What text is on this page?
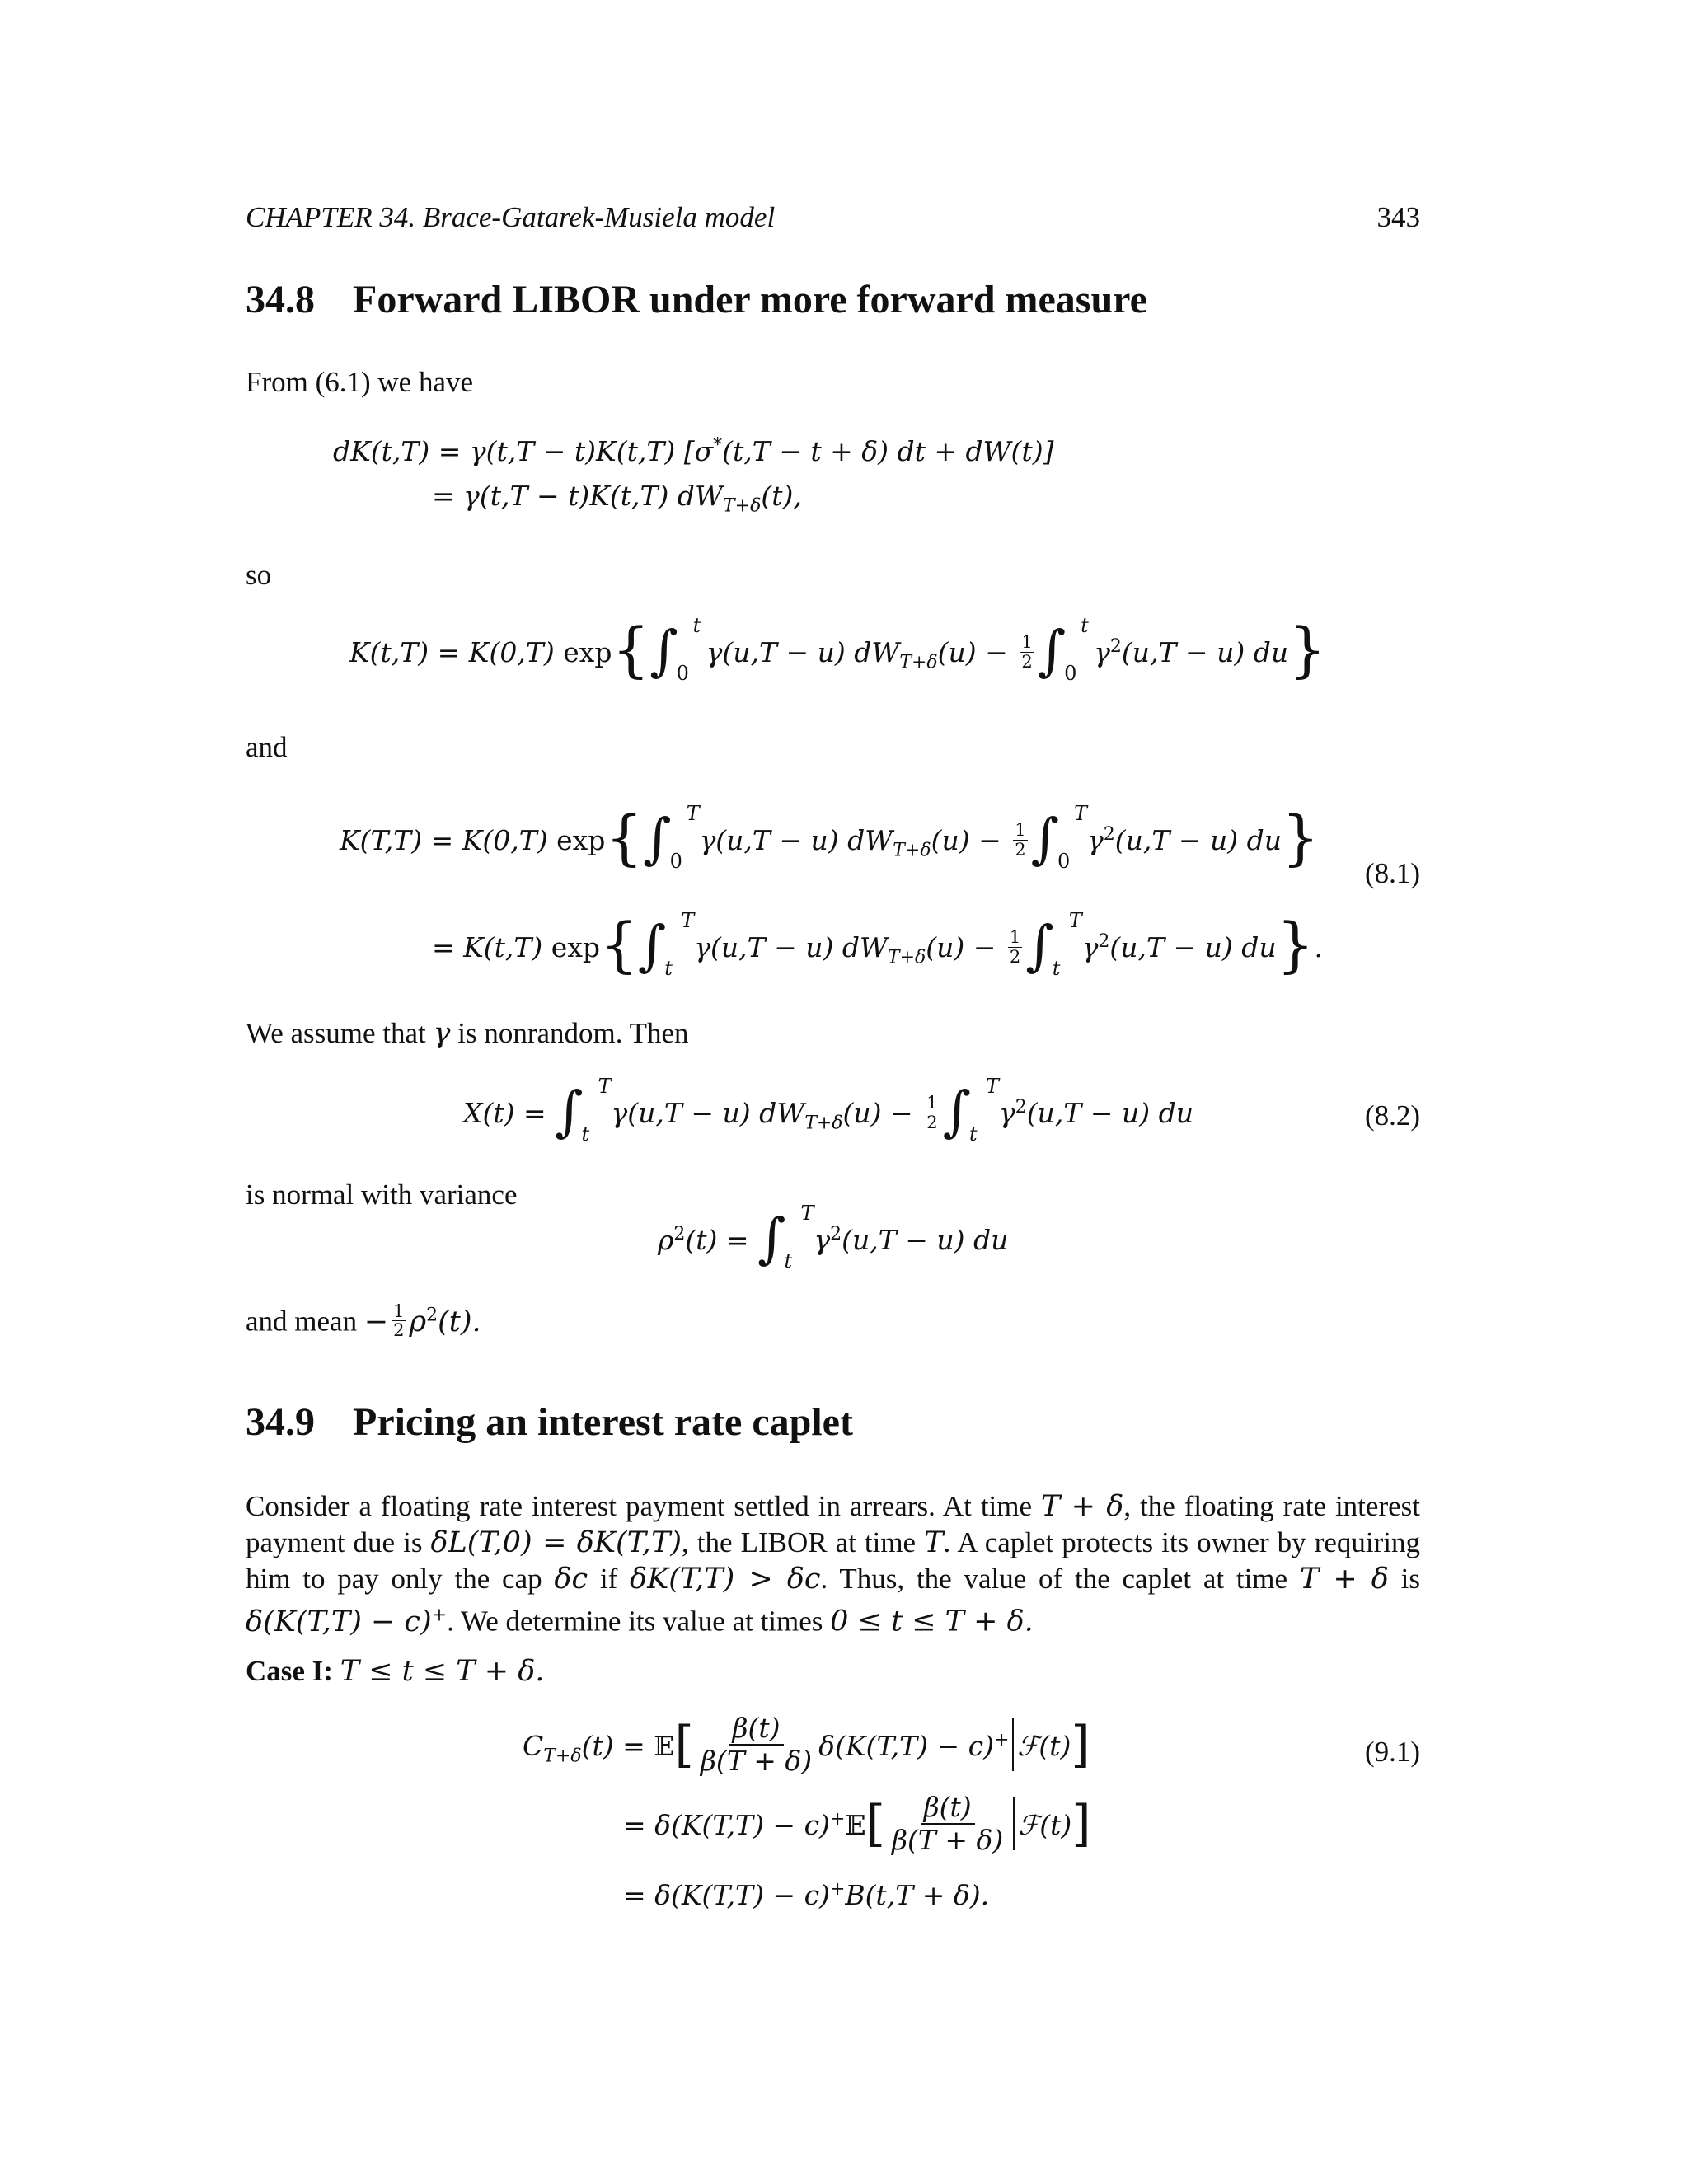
CHAPTER 34. Brace-Gatarek-Musiela model	343
34.8 Forward LIBOR under more forward measure
From (6.1) we have
dK(t,T) = γ(t,T − t)K(t,T) [σ*(t,T − t + δ) dt + dW(t)]
= γ(t,T − t)K(t,T) $dW_{T+\delta}(t)$,
so
K(t,T) = K(0,T) exp{∫ t
0
γ(u,T − u) $dW_{T+\delta}(u) - \frac{1}{2}$ ∫ t
0
$\gamma^2(u,T - u)$ du}
and
K(T,T) = K(0,T) exp{∫ T
0
γ(u,T − u) $dW_{T+\delta}(u) - \frac{1}{2}$ ∫ T
0
$\gamma^2(u,T - u)$ du}
(8.1)
= K(t,T) exp{∫ T
t
γ(u,T − u) $dW_{T+\delta}(u) - \frac{1}{2}$ ∫ T
t
$\gamma^2(u,T - u)$ du}.
We assume that γ is nonrandom. Then
X(t) = ∫ T
t
γ(u,T − u) $dW_{T+\delta}(u) - \frac{1}{2}$ ∫ T
t
$\gamma^2(u,T - u)$ du	(8.2)
is normal with variance
$\rho^2(t)$ = ∫ T
t
$\gamma^2(u,T - u)$ du
and mean − $\frac{1}{2} \rho^2(t)$.
34.9 Pricing an interest rate caplet
Consider a floating rate interest payment settled in arrears. At time T + δ, the floating rate interest payment due is δL(T,0) = δK(T,T), the LIBOR at time T. A caplet protects its owner by requiring him to pay only the cap δc if δK(T,T) > δc. Thus, the value of the caplet at time T + δ is δ(K(T,T) − c)+. We determine its value at times 0 ≤ t ≤ T + δ.
Case I: T ≤ t ≤ T + δ.
$C_{T+\delta}(t)$ = 𝔼[ $\frac{\beta(t)}{\beta(T + \delta)} \delta(K(T,T) - c)^+$ ℱ(t)]	(9.1)
= δ(K(T,T) − c)+𝔼[ $\frac{\beta(t)}{\beta(T + \delta)}$ ℱ(t)]
= δ(K(T,T) − c)+B(t,T + δ).
